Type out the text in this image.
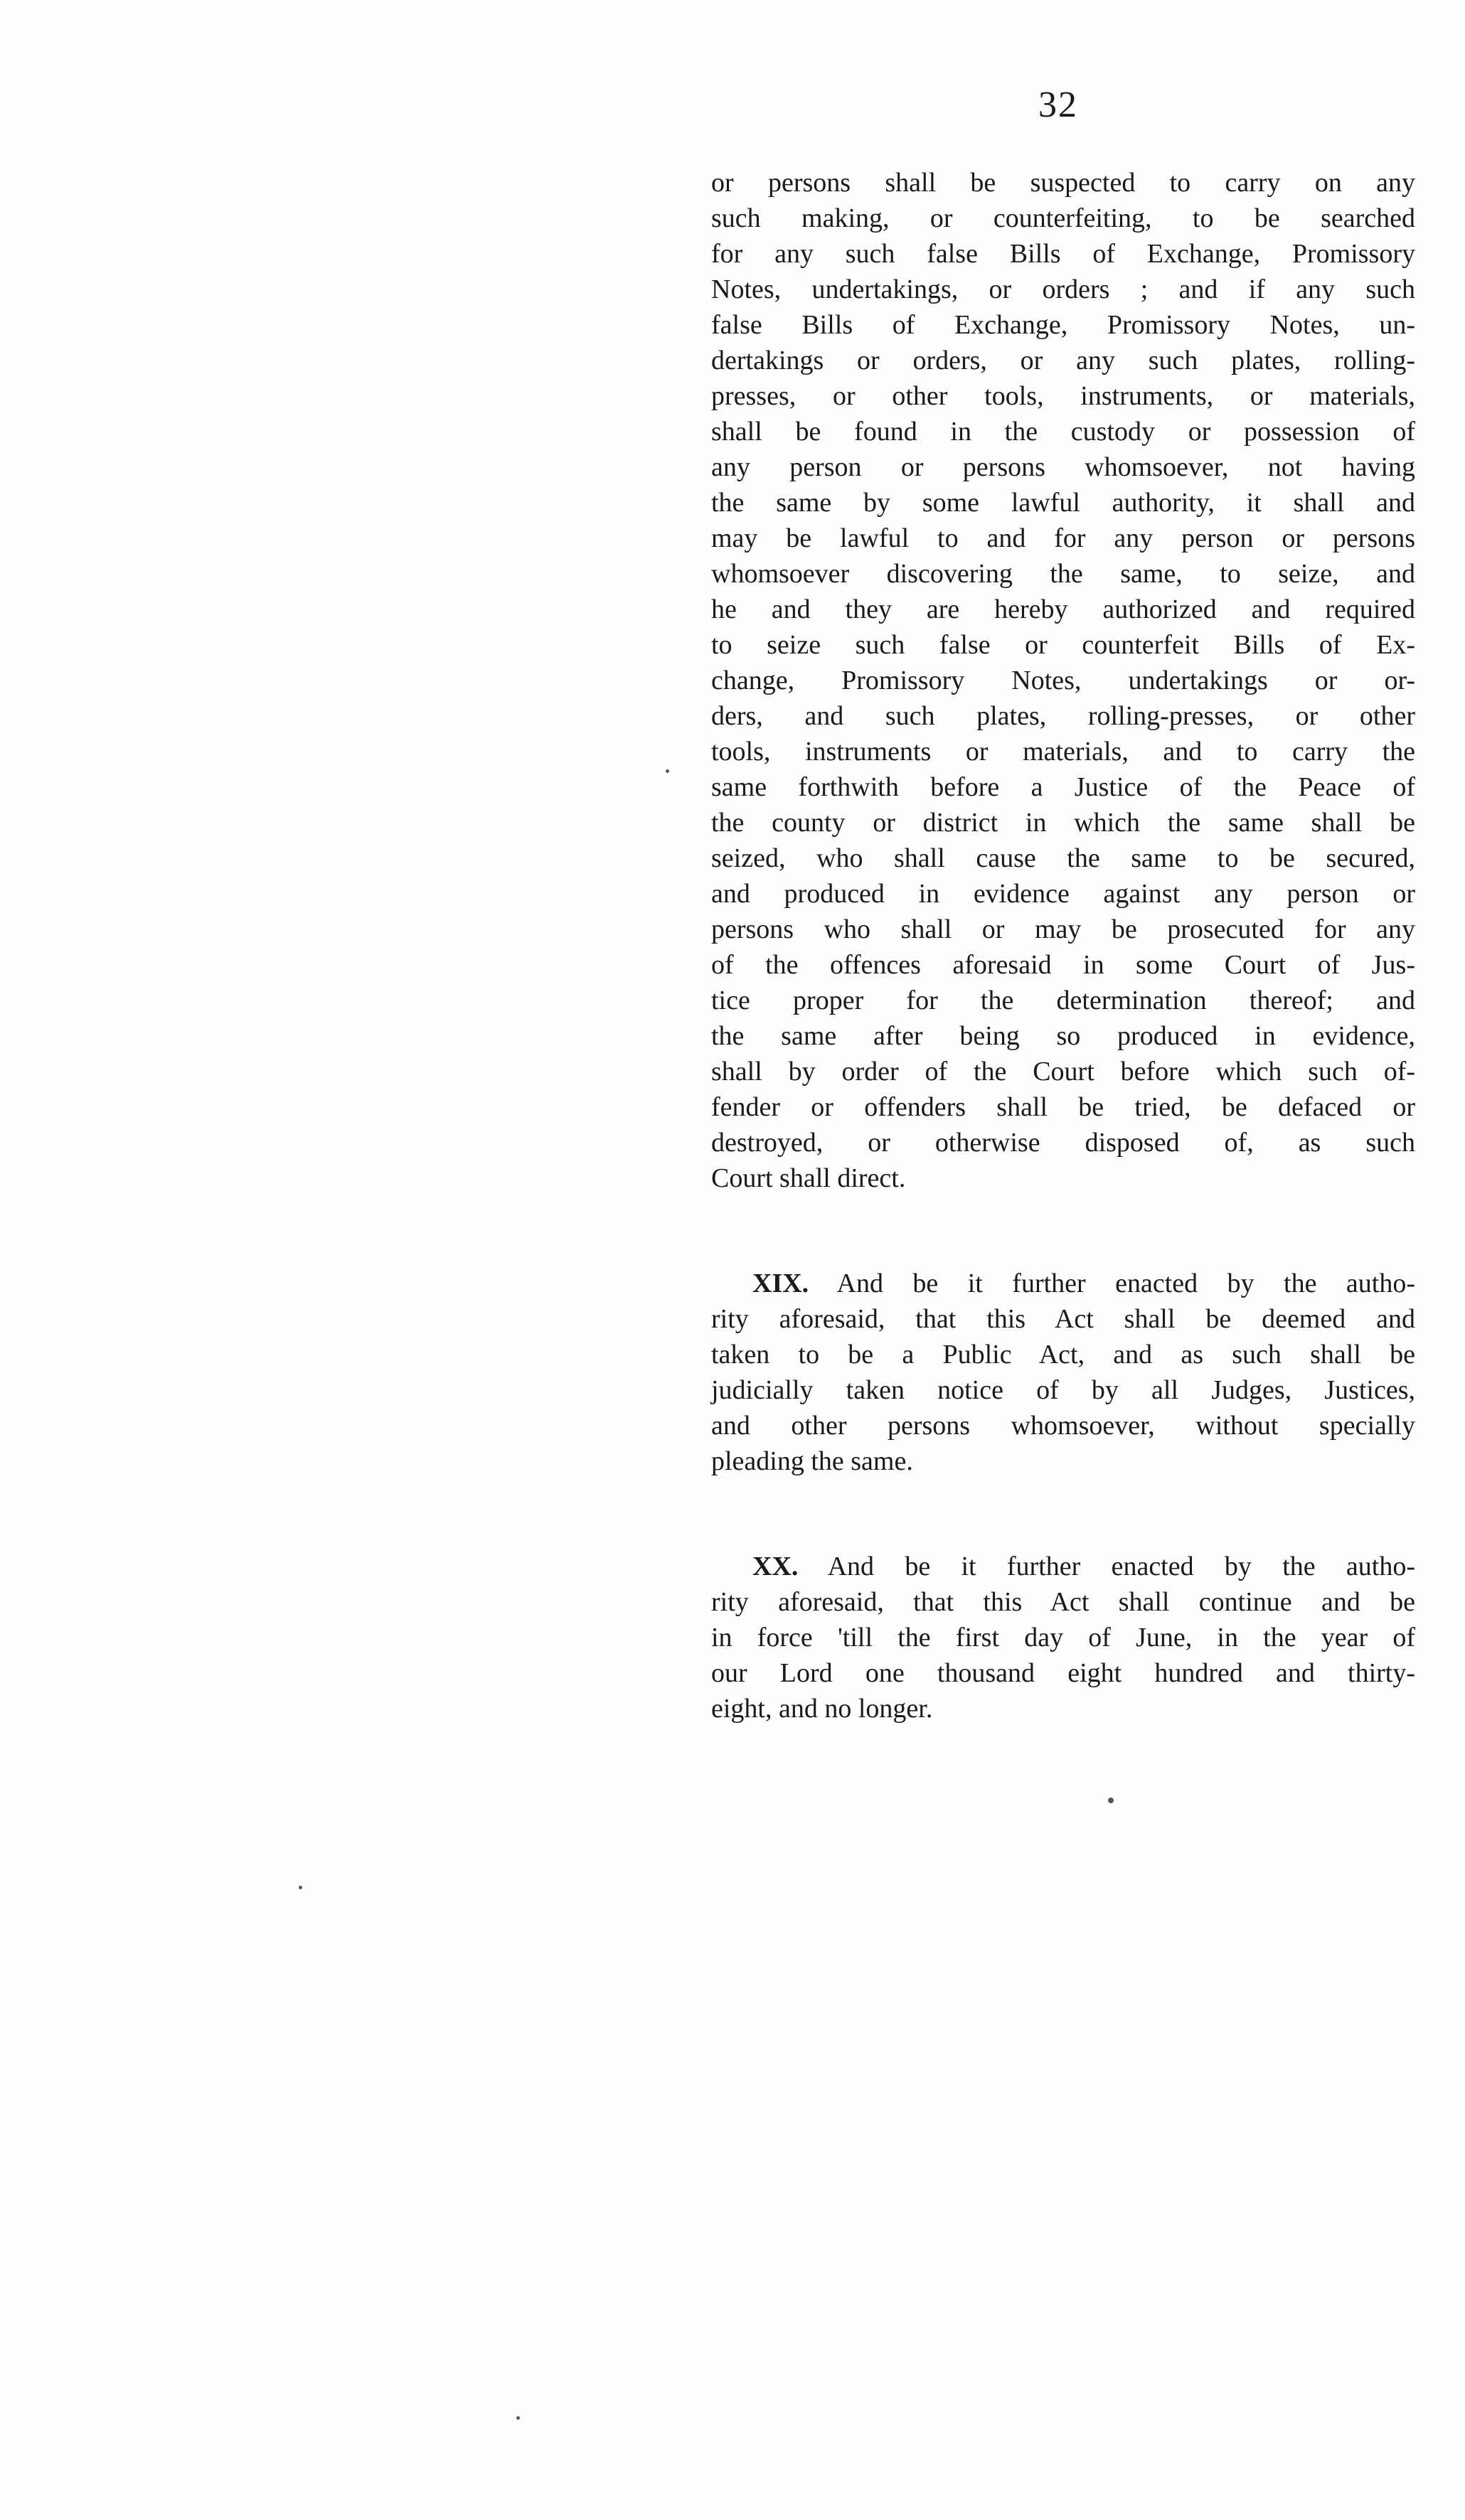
32
or persons shall be suspected to carry on any
such making, or counterfeiting, to be searched
for any such false Bills of Exchange, Promissory
Notes, undertakings, or orders ; and if any such
false Bills of Exchange, Promissory Notes, un-
dertakings or orders, or any such plates, rolling-
presses, or other tools, instruments, or materials,
shall be found in the custody or possession of
any person or persons whomsoever, not having
the same by some lawful authority, it shall and
may be lawful to and for any person or persons
whomsoever discovering the same, to seize, and
he and they are hereby authorized and required
to seize such false or counterfeit Bills of Ex-
change, Promissory Notes, undertakings or or-
ders, and such plates, rolling-presses, or other
tools, instruments or materials, and to carry the
same forthwith before a Justice of the Peace of
the county or district in which the same shall be
seized, who shall cause the same to be secured,
and produced in evidence against any person or
persons who shall or may be prosecuted for any
of the offences aforesaid in some Court of Jus-
tice proper for the determination thereof; and
the same after being so produced in evidence,
shall by order of the Court before which such of-
fender or offenders shall be tried, be defaced or
destroyed, or otherwise disposed of, as such
Court shall direct.
XIX. And be it further enacted by the autho-
rity aforesaid, that this Act shall be deemed and
taken to be a Public Act, and as such shall be
judicially taken notice of by all Judges, Justices,
and other persons whomsoever, without specially
pleading the same.
XX. And be it further enacted by the autho-
rity aforesaid, that this Act shall continue and be
in force 'till the first day of June, in the year of
our Lord one thousand eight hundred and thirty-
eight, and no longer.
